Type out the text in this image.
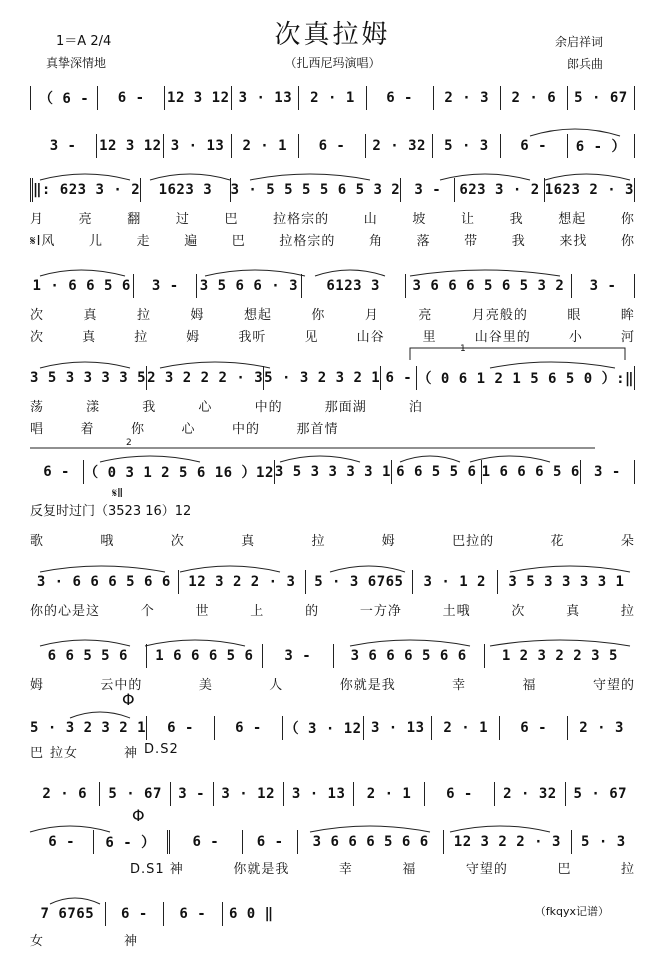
次真拉姆
1＝A 2/4
真挚深情地	（扎西尼玛演唱）
余启祥词
郎兵曲
（ 6 -	6 -	12 3 12 3 · 13	2 · 1	6 -	2 · 3	2 · 6	5 · 67
3 -	12 3 12 3 · 13	2 · 1	6 -	2 · 32	5 · 3	6 -	6 - ）
‖: 623 3 · 2	1623 3	3 · 5 5 5 5 6 5 3 2	3 -	623 3 · 2 1623 2 · 3
月	亮	翻	过	巴	拉格宗的	山	坡	让	我	想起	你
𝄋Ⅰ风	儿	走	遍	巴	拉格宗的	角	落	带	我	来找	你
1 · 6 6 5 6	3 -	3 5 6 6 · 3	6123 3	3 6 6 6 5 6 5 3 2	3 -
次	真	拉	姆	想起	你	月	亮	月亮般的	眼	眸
次	真	拉	姆	我听	见	山谷	里	山谷里的	小	河
1
3 5 3 3 3 3 5 2 3 2 2 2 · 3 5 · 3 2 3 2 1 6 - （ 0 6 1 2 1 5 6 5 0 ）:‖
荡	漾	我	心	中的	那面湖	泊
唱	着	你	心	中的	那首情
2
6 -	（ 0 3 1 2 5 6 16 ）12 3 5 3 3 3 3 1 6 6 5 5 6 1 6 6 6 5 6	3 -
𝄋Ⅱ
反复时过门（3523 16）12
歌	哦	次	真	拉	姆	巴拉的	花	朵
3 · 6 6 6 5 6 6	12 3 2 2 · 3	5 · 3 6765	3 · 1 2	3 5 3 3 3 3 1
你的心是这	个	世	上	的	一方净	土哦	次	真	拉
6 6 5 5 6	1 6 6 6 5 6	3 -	3 6 6 6 5 6 6	1 2 3 2 2 3 5
姆	云中的	美	人	你就是我	幸	福	守望的
Φ
5 · 3 2 3 2 1	6 -	6 -	（ 3 · 12 3 · 13	2 · 1	6 -	2 · 3
巴 拉女	神 D.S2
2 · 6	5 · 67	3 -	3 · 12	3 · 13	2 · 1	6 -	2 · 32	5 · 67
Φ
6 -	6 - ）	6 -	6 -	3 6 6 6 5 6 6	12 3 2 2 · 3	5 · 3
D.S1 神	你就是我	幸	福	守望的	巴	拉
7 6765	6 -	6 -	6 0 ‖
女	神
（fkqyx记谱）
